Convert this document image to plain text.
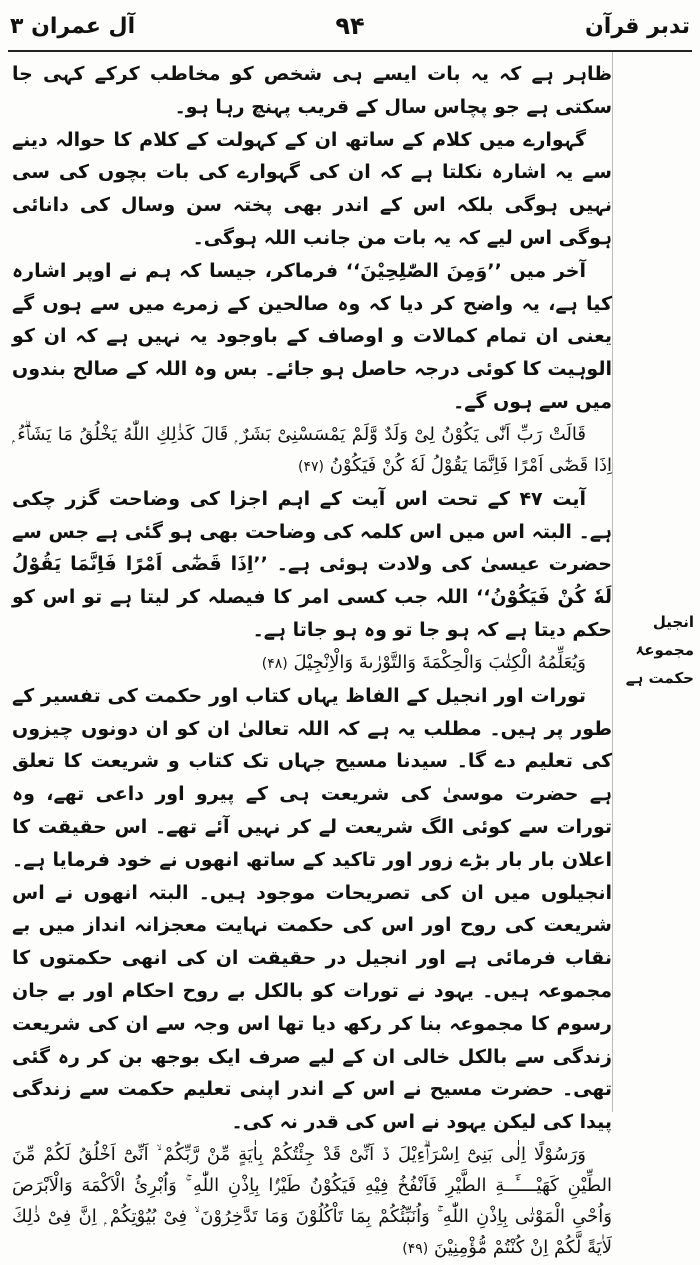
تدبر قرآن
۹۴
آل عمران ۳

ظاہر ہے کہ یہ بات ایسے ہی شخص کو مخاطب کرکے کہی جا سکتی ہے جو پچاس سال کے قریب پہنچ رہا ہو۔

گہوارے میں کلام کے ساتھ ان کے کہولت کے کلام کا حوالہ دینے سے یہ اشارہ نکلتا ہے کہ ان کی گہوارے کی بات بچوں کی سی نہیں ہوگی بلکہ اس کے اندر بھی پختہ سن وسال کی دانائی ہوگی اس لیے کہ یہ بات من جانب اللہ ہوگی۔

آخر میں ’’وَمِنَ الصّٰلِحِیْنَ‘‘ فرماکر، جیسا کہ ہم نے اوپر اشارہ کیا ہے، یہ واضح کر دیا کہ وہ صالحین کے زمرے میں سے ہوں گے یعنی ان تمام کمالات و اوصاف کے باوجود یہ نہیں ہے کہ ان کو الوہیت کا کوئی درجہ حاصل ہو جائے۔ بس وہ اللہ کے صالح بندوں میں سے ہوں گے۔

قَالَتْ رَبِّ اَنّٰی یَکُوْنُ لِیْ وَلَدٌ وَّلَمْ یَمْسَسْنِیْ بَشَرٌ ۭ قَالَ كَذٰلِكِ اللّٰهُ یَخْلُقُ مَا یَشَاۗءُ ۭ اِذَا قَضٰٓى اَمْرًا فَاِنَّمَا یَقُوْلُ لَهٗ كُنْ فَیَكُوْنُ (۴۷)

آیت ۴۷ کے تحت اس آیت کے اہم اجزا کی وضاحت گزر چکی ہے۔ البتہ اس میں اس کلمہ کی وضاحت بھی ہو گئی ہے جس سے حضرت عیسیٰ کی ولادت ہوئی ہے۔ ’’اِذَا قَضٰٓى اَمْرًا فَاِنَّمَا یَقُوْلُ لَهٗ كُنْ فَیَكُوْنُ‘‘ اللہ جب کسی امر کا فیصلہ کر لیتا ہے تو اس کو حکم دیتا ہے کہ ہو جا تو وہ ہو جاتا ہے۔

وَیُعَلِّمُهُ الْكِتٰبَ وَالْحِكْمَةَ وَالتَّوْرٰىةَ وَالْاِنْجِیْلَ (۴۸)

تورات اور انجیل کے الفاظ یہاں کتاب اور حکمت کی تفسیر کے طور پر ہیں۔ مطلب یہ ہے کہ اللہ تعالیٰ ان کو ان دونوں چیزوں کی تعلیم دے گا۔ سیدنا مسیح جہاں تک کتاب و شریعت کا تعلق ہے حضرت موسیٰ کی شریعت ہی کے پیرو اور داعی تھے، وہ تورات سے کوئی الگ شریعت لے کر نہیں آئے تھے۔ اس حقیقت کا اعلان بار بار بڑے زور اور تاکید کے ساتھ انھوں نے خود فرمایا ہے۔ انجیلوں میں ان کی تصریحات موجود ہیں۔ البتہ انھوں نے اس شریعت کی روح اور اس کی حکمت نہایت معجزانہ انداز میں بے نقاب فرمائی ہے اور انجیل در حقیقت ان کی انھی حکمتوں کا مجموعہ ہیں۔ یہود نے تورات کو بالکل بے روح احکام اور بے جان رسوم کا مجموعہ بنا کر رکھ دیا تھا اس وجہ سے ان کی شریعت زندگی سے بالکل خالی ان کے لیے صرف ایک بوجھ بن کر رہ گئی تھی۔ حضرت مسیح نے اس کے اندر اپنی تعلیم حکمت سے زندگی پیدا کی لیکن یہود نے اس کی قدر نہ کی۔

وَرَسُوْلًا اِلٰى بَنِیْٓ اِسْرَاۗءِیْلَ ڏ اَنِّىْ قَدْ جِئْتُكُمْ بِاٰیَةٍ مِّنْ رَّبِّكُمْ ۙ اَنِّىْٓ اَخْلُقُ لَكُمْ مِّنَ الطِّیْنِ كَهَیْــــَٔــةِ الطَّیْرِ فَاَنْفُخُ فِیْهِ فَیَكُوْنُ طَیْرًۢا بِاِذْنِ اللّٰهِ ۚ وَاُبْرِئُ الْاَكْمَهَ وَالْاَبْرَصَ وَاُحْىِ الْمَوْتٰى بِاِذْنِ اللّٰهِ ۚ وَاُنَبِّئُكُمْ بِمَا تَاْكُلُوْنَ وَمَا تَدَّخِرُوْنَ ۙ فِیْ بُیُوْتِكُمْ ۭ اِنَّ فِیْ ذٰلِكَ لَاٰیَةً لَّكُمْ اِنْ كُنْتُمْ مُّؤْمِنِیْنَ (۴۹)

انجیل مجموعۂ حکمت ہے
